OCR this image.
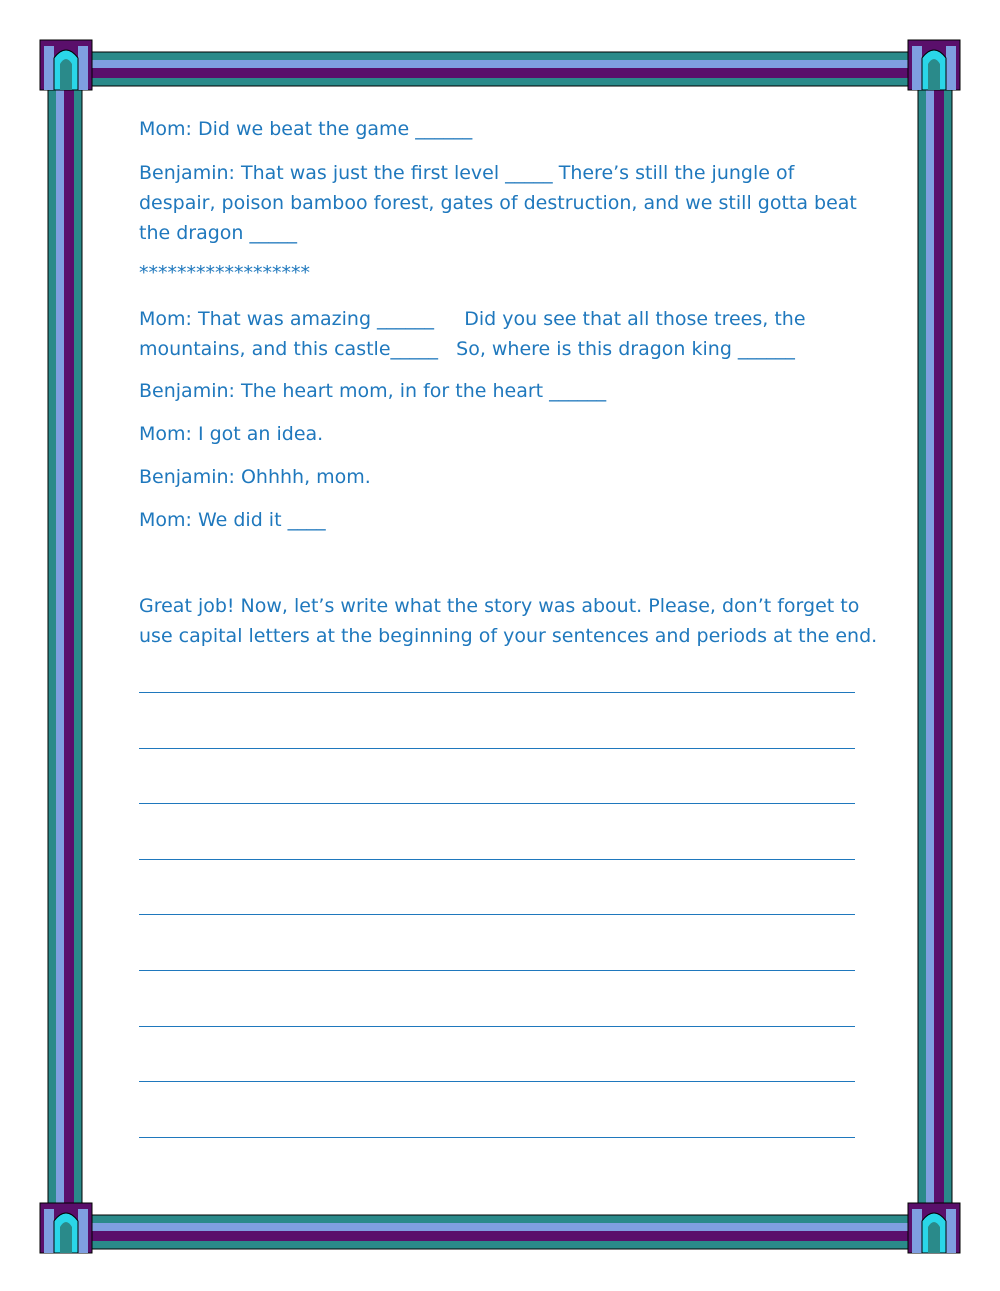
Mom: Did we beat the game ______

Benjamin: That was just the first level _____ There’s still the jungle of
despair, poison bamboo forest, gates of destruction, and we still gotta beat
the dragon _____

******************

Mom: That was amazing ______     Did you see that all those trees, the
mountains, and this castle_____   So, where is this dragon king ______

Benjamin: The heart mom, in for the heart ______

Mom: I got an idea.

Benjamin: Ohhhh, mom.

Mom: We did it ____

Great job! Now, let’s write what the story was about. Please, don’t forget to
use capital letters at the beginning of your sentences and periods at the end.
